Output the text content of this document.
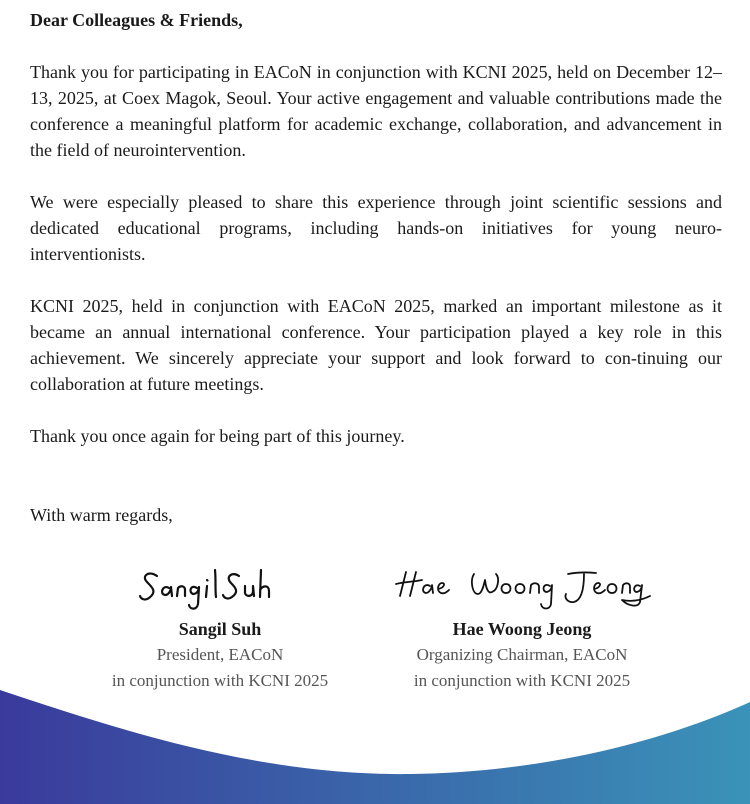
Dear Colleagues & Friends,

Thank you for participating in EACoN in conjunction with KCNI 2025, held on December 12–13, 2025, at Coex Magok, Seoul. Your active engagement and valuable contributions made the conference a meaningful platform for academic exchange, collaboration, and advancement in the field of neurointervention.

We were especially pleased to share this experience through joint scientific sessions and dedicated educational programs, including hands-on initiatives for young neuro-interventionists.

KCNI 2025, held in conjunction with EACoN 2025, marked an important milestone as it became an annual international conference. Your participation played a key role in this achievement. We sincerely appreciate your support and look forward to con-tinuing our collaboration at future meetings.

Thank you once again for being part of this journey.

With warm regards,

Sangil Suh
President, EACoN
in conjunction with KCNI 2025
Hae Woong Jeong
Organizing Chairman, EACoN
in conjunction with KCNI 2025
